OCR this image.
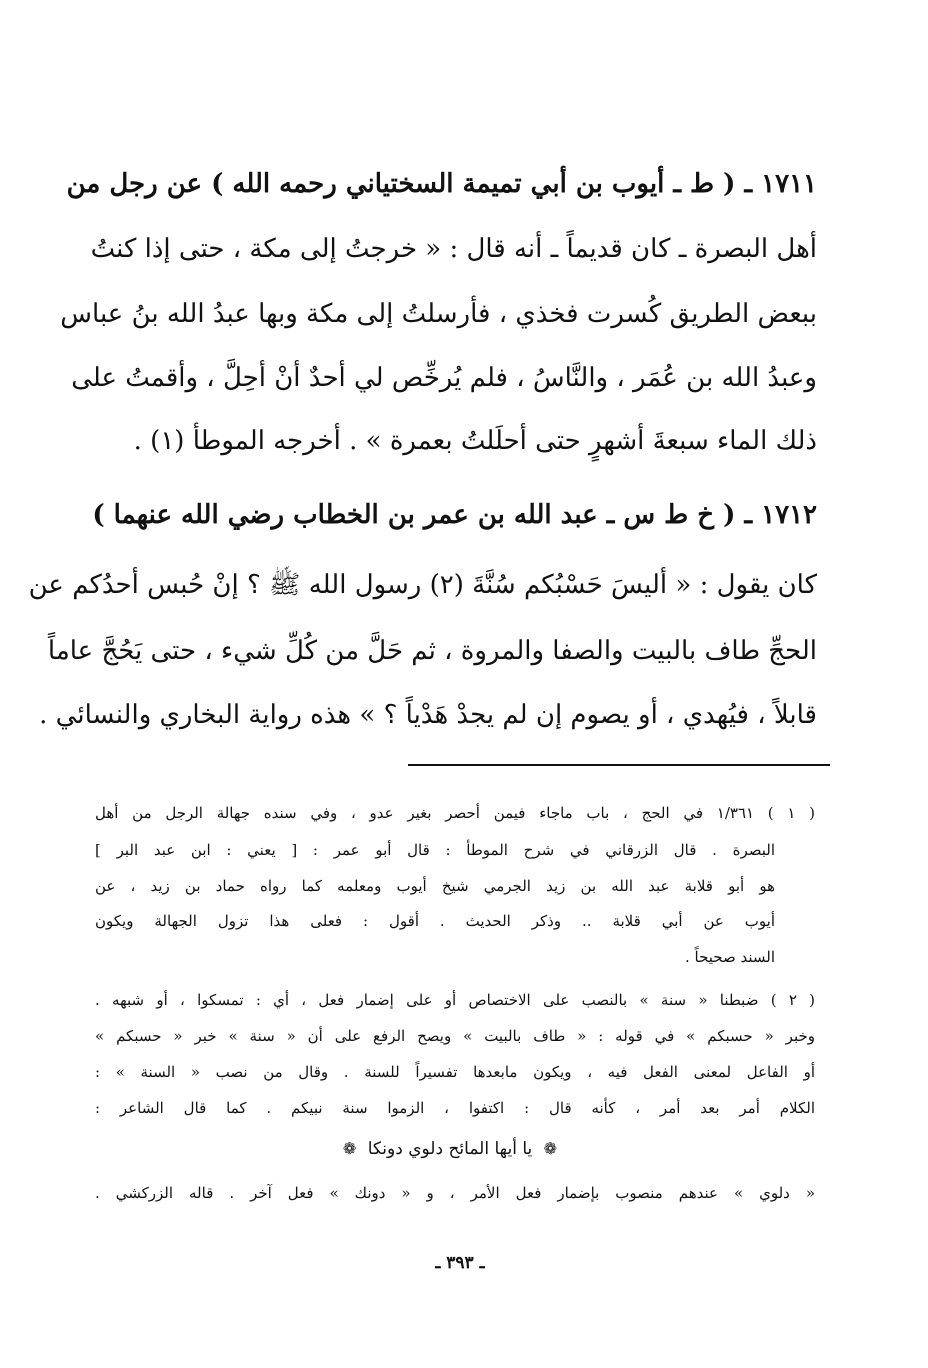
١٧١١ ـ ( ط ـ أيوب بن أبي تميمة السختياني رحمه الله ) عن رجل من
أهل البصرة ـ كان قديماً ـ أنه قال : « خرجتُ إلى مكة ، حتى إذا كنتُ
ببعض الطريق كُسرت فخذي ، فأرسلتُ إلى مكة وبها عبدُ الله بنُ عباس
وعبدُ الله بن عُمَر ، والنَّاسُ ، فلم يُرخِّص لي أحدٌ أنْ أحِلَّ ، وأقمتُ على
ذلك الماء سبعةَ أشهرٍ حتى أحلَلتُ بعمرة » . أخرجه الموطأ (١) .
١٧١٢ ـ ( خ ط س ـ عبد الله بن عمر بن الخطاب رضي الله عنهما )
كان يقول : « أليسَ حَسْبُكم سُنَّةَ (٢) رسول الله ﷺ ؟ إنْ حُبس أحدُكم عن
الحجِّ طاف بالبيت والصفا والمروة ، ثم حَلَّ من كُلِّ شيء ، حتى يَحُجَّ عاماً
قابلاً ، فيُهدي ، أو يصوم إن لم يجدْ هَدْياً ؟ » هذه رواية البخاري والنسائي .
( ١ ) ١/٣٦١ في الحج ، باب ماجاء فيمن أحصر بغير عدو ، وفي سنده جهالة الرجل من أهل
البصرة . قال الزرقاني في شرح الموطأ : قال أبو عمر : [ يعني : ابن عبد البر ]
هو أبو قلابة عبد الله بن زيد الجرمي شيخ أيوب ومعلمه كما رواه حماد بن زيد ، عن
أيوب عن أبي قلابة .. وذكر الحديث . أقول : فعلى هذا تزول الجهالة ويكون
السند صحيحاً .
( ٢ ) ضبطنا « سنة » بالنصب على الاختصاص أو على إضمار فعل ، أي : تمسكوا ، أو شبهه .
وخبر « حسبكم » في قوله : « طاف بالبيت » ويصح الرفع على أن « سنة » خبر « حسبكم »
أو الفاعل لمعنى الفعل فيه ، ويكون مابعدها تفسيراً للسنة . وقال من نصب « السنة » :
الكلام أمر بعد أمر ، كأنه قال : اكتفوا ، الزموا سنة نبيكم . كما قال الشاعر :
❁ يا أيها المائح دلوي دونكا ❁
« دلوي » عندهم منصوب بإضمار فعل الأمر ، و « دونك » فعل آخر . قاله الزركشي .
ـ ٣٩٣ ـ
